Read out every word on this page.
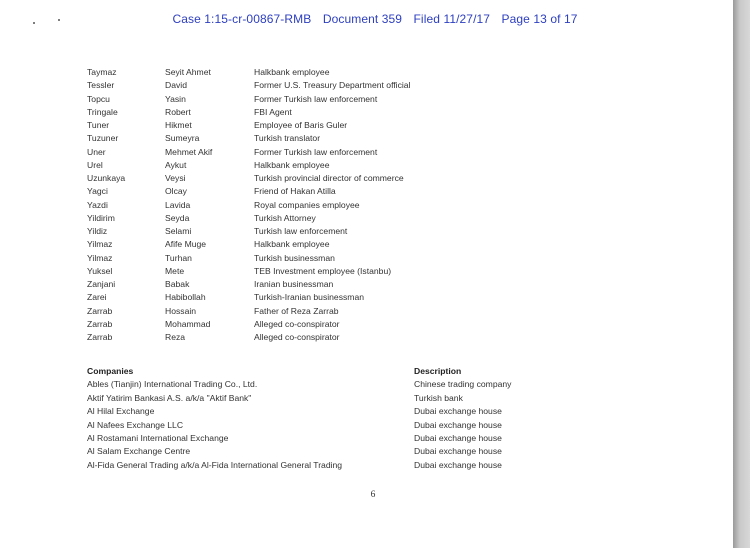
Case 1:15-cr-00867-RMB Document 359 Filed 11/27/17 Page 13 of 17
Taymaz	Seyit Ahmet	Halkbank employee
Tessler	David	Former U.S. Treasury Department official
Topcu	Yasin	Former Turkish law enforcement
Tringale	Robert	FBI Agent
Tuner	Hikmet	Employee of Baris Guler
Tuzuner	Sumeyra	Turkish translator
Uner	Mehmet Akif	Former Turkish law enforcement
Urel	Aykut	Halkbank employee
Uzunkaya	Veysi	Turkish provincial director of commerce
Yagci	Olcay	Friend of Hakan Atilla
Yazdi	Lavida	Royal companies employee
Yildirim	Seyda	Turkish Attorney
Yildiz	Selami	Turkish law enforcement
Yilmaz	Afife Muge	Halkbank employee
Yilmaz	Turhan	Turkish businessman
Yuksel	Mete	TEB Investment employee (Istanbu)
Zanjani	Babak	Iranian businessman
Zarei	Habibollah	Turkish-Iranian businessman
Zarrab	Hossain	Father of Reza Zarrab
Zarrab	Mohammad	Alleged co-conspirator
Zarrab	Reza	Alleged co-conspirator
Companies	Description
Ables (Tianjin) International Trading Co., Ltd.	Chinese trading company
Aktif Yatirim Bankasi A.S. a/k/a "Aktif Bank"	Turkish bank
Al Hilal Exchange	Dubai exchange house
Al Nafees Exchange LLC	Dubai exchange house
Al Rostamani International Exchange	Dubai exchange house
Al Salam Exchange Centre	Dubai exchange house
Al-Fida General Trading a/k/a Al-Fida International General Trading	Dubai exchange house
6
